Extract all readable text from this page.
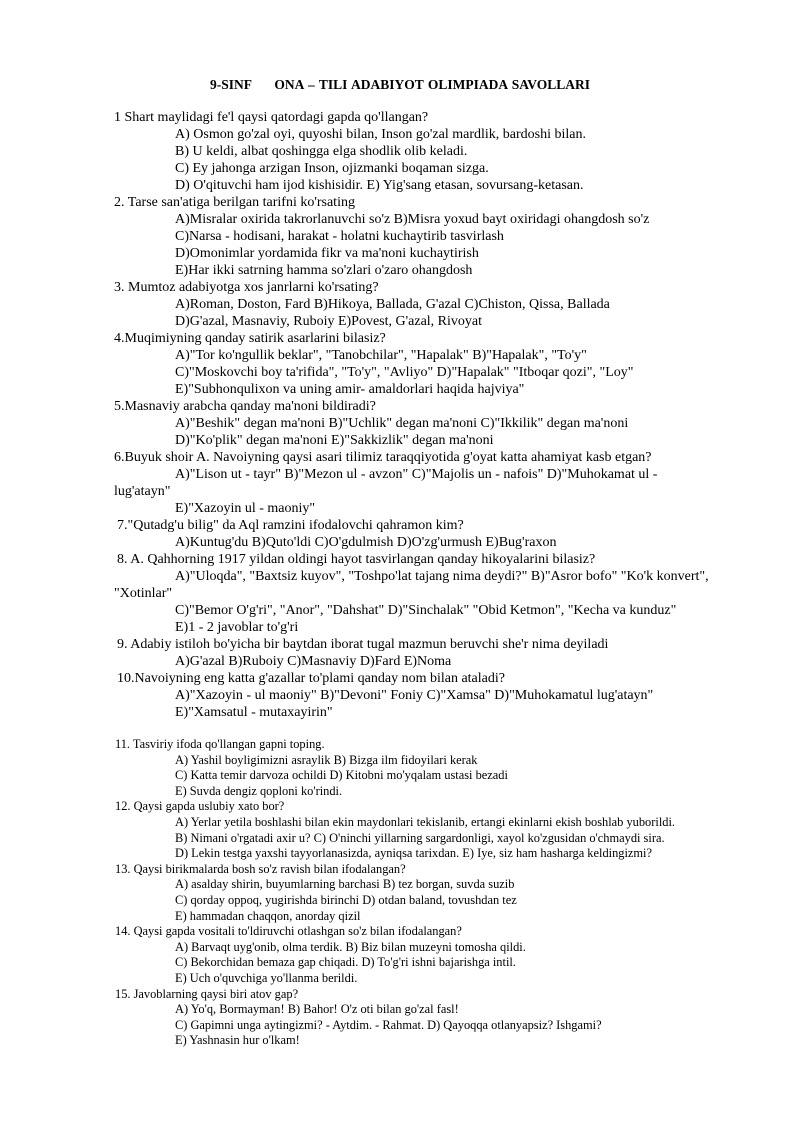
9-SINF ONA – TILI ADABIYOT OLIMPIADA SAVOLLARI
1 Shart maylidagi fe'l qaysi qatordagi gapda qo'llangan?
A) Osmon go'zal oyi, quyoshi bilan, Inson go'zal mardlik, bardoshi bilan.
B) U keldi, albat qoshingga elga shodlik olib keladi.
C) Ey jahonga arzigan Inson, ojizmanki boqaman sizga.
D) O'qituvchi ham ijod kishisidir. E) Yig'sang etasan, sovursang-ketasan.
2. Tarse san'atiga berilgan tarifni ko'rsating
A)Misralar oxirida takrorlanuvchi so'z B)Misra yoxud bayt oxiridagi ohangdosh so'z
C)Narsa - hodisani, harakat - holatni kuchaytirib tasvirlash
D)Omonimlar yordamida fikr va ma'noni kuchaytirish
E)Har ikki satrning hamma so'zlari o'zaro ohangdosh
3. Mumtoz adabiyotga xos janrlarni ko'rsating?
A)Roman, Doston, Fard B)Hikoya, Ballada, G'azal C)Chiston, Qissa, Ballada
D)G'azal, Masnaviy, Ruboiy E)Povest, G'azal, Rivoyat
4.Muqimiyning qanday satirik asarlarini bilasiz?
A)"Tor ko'ngullik beklar", "Tanobchilar", "Hapalak" B)"Hapalak", "To'y"
C)"Moskovchi boy ta'rifida", "To'y", "Avliyo" D)"Hapalak" "Itboqar qozi", "Loy"
E)"Subhonqulixon va uning amir- amaldorlari haqida hajviya"
5.Masnaviy arabcha qanday ma'noni bildiradi?
A)"Beshik" degan ma'noni B)"Uchlik" degan ma'noni C)"Ikkilik" degan ma'noni
D)"Ko'plik" degan ma'noni E)"Sakkizlik" degan ma'noni
6.Buyuk shoir A. Navoiyning qaysi asari tilimiz taraqqiyotida g'oyat katta ahamiyat kasb etgan?
A)"Lison ut - tayr" B)"Mezon ul - avzon" C)"Majolis un - nafois" D)"Muhokamat ul -
lug'atayn"
E)"Xazoyin ul - maoniy"
7."Qutadg'u bilig" da Aql ramzini ifodalovchi qahramon kim?
A)Kuntug'du B)Quto'ldi C)O'gdulmish D)O'zg'urmush E)Bug'raxon
8. A. Qahhorning 1917 yildan oldingi hayot tasvirlangan qanday hikoyalarini bilasiz?
A)"Uloqda", "Baxtsiz kuyov", "Toshpo'lat tajang nima deydi?" B)"Asror bofo" "Ko'k konvert",
"Xotinlar"
C)"Bemor O'g'ri", "Anor", "Dahshat" D)"Sinchalak" "Obid Ketmon", "Kecha va kunduz"
E)1 - 2 javoblar to'g'ri
9. Adabiy istiloh bo'yicha bir baytdan iborat tugal mazmun beruvchi she'r nima deyiladi
A)G'azal B)Ruboiy C)Masnaviy D)Fard E)Noma
10.Navoiyning eng katta g'azallar to'plami qanday nom bilan ataladi?
A)"Xazoyin - ul maoniy" B)"Devoni" Foniy C)"Xamsa" D)"Muhokamatul lug'atayn"
E)"Xamsatul - mutaxayirin"
11. Tasviriy ifoda qo'llangan gapni toping.
A) Yashil boyligimizni asraylik B) Bizga ilm fidoyilari kerak
C) Katta temir darvoza ochildi D) Kitobni mo'yqalam ustasi bezadi
E) Suvda dengiz qoploni ko'rindi.
12. Qaysi gapda uslubiy xato bor?
A) Yerlar yetila boshlashi bilan ekin maydonlari tekislanib, ertangi ekinlarni ekish boshlab yuborildi.
B) Nimani o'rgatadi axir u? C) O'ninchi yillarning sargardonligi, xayol ko'zgusidan o'chmaydi sira.
D) Lekin testga yaxshi tayyorlanasizda, ayniqsa tarixdan. E) Iye, siz ham hasharga keldingizmi?
13. Qaysi birikmalarda bosh so'z ravish bilan ifodalangan?
A) asalday shirin, buyumlarning barchasi B) tez borgan, suvda suzib
C) qorday oppoq, yugirishda birinchi D) otdan baland, tovushdan tez
E) hammadan chaqqon, anorday qizil
14. Qaysi gapda vositali to'ldiruvchi otlashgan so'z bilan ifodalangan?
A) Barvaqt uyg'onib, olma terdik. B) Biz bilan muzeyni tomosha qildi.
C) Bekorchidan bemaza gap chiqadi. D) To'g'ri ishni bajarishga intil.
E) Uch o'quvchiga yo'llanma berildi.
15. Javoblarning qaysi biri atov gap?
A) Yo'q, Bormayman! B) Bahor! O'z oti bilan go'zal fasl!
C) Gapimni unga aytingizmi? - Aytdim. - Rahmat. D) Qayoqqa otlanyapsiz? Ishgami?
E) Yashnasin hur o'lkam!
